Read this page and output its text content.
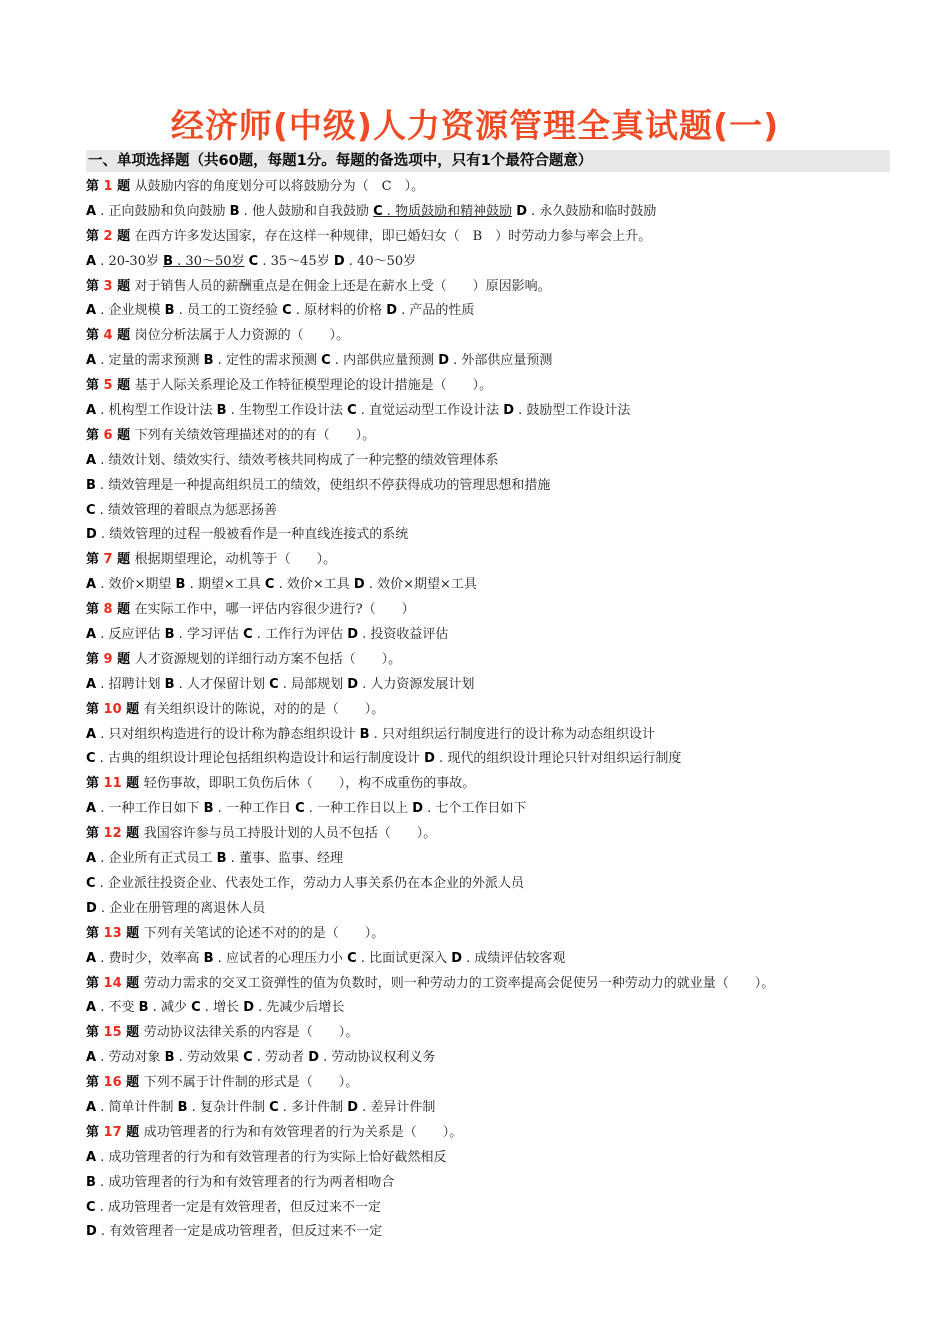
经济师(中级)人力资源管理全真试题(一)
一、单项选择题（共60题，每题1分。每题的备选项中，只有1个最符合题意）
第 1 题 从鼓励内容的角度划分可以将鼓励分为（　C　）。
A . 正向鼓励和负向鼓励 B . 他人鼓励和自我鼓励 C . 物质鼓励和精神鼓励 D . 永久鼓励和临时鼓励
第 2 题 在西方许多发达国家，存在这样一种规律，即已婚妇女（　B　）时劳动力参与率会上升。
A . 20-30岁 B . 30～50岁 C . 35～45岁 D . 40～50岁
第 3 题 对于销售人员的薪酬重点是在佣金上还是在薪水上受（　　）原因影响。
A . 企业规模 B . 员工的工资经验 C . 原材料的价格 D . 产品的性质
第 4 题 岗位分析法属于人力资源的（　　）。
A . 定量的需求预测 B . 定性的需求预测 C . 内部供应量预测 D . 外部供应量预测
第 5 题 基于人际关系理论及工作特征模型理论的设计措施是（　　）。
A . 机构型工作设计法 B . 生物型工作设计法 C . 直觉运动型工作设计法 D . 鼓励型工作设计法
第 6 题 下列有关绩效管理描述对的的有（　　）。
A . 绩效计划、绩效实行、绩效考核共同构成了一种完整的绩效管理体系
B . 绩效管理是一种提高组织员工的绩效，使组织不停获得成功的管理思想和措施
C . 绩效管理的着眼点为惩恶扬善
D . 绩效管理的过程一般被看作是一种直线连接式的系统
第 7 题 根据期望理论，动机等于（　　）。
A . 效价×期望 B . 期望×工具 C . 效价×工具 D . 效价×期望×工具
第 8 题 在实际工作中，哪一评估内容很少进行?（　　）
A . 反应评估 B . 学习评估 C . 工作行为评估 D . 投资收益评估
第 9 题 人才资源规划的详细行动方案不包括（　　）。
A . 招聘计划 B . 人才保留计划 C . 局部规划 D . 人力资源发展计划
第 10 题 有关组织设计的陈说，对的的是（　　）。
A . 只对组织构造进行的设计称为静态组织设计 B . 只对组织运行制度进行的设计称为动态组织设计
C . 古典的组织设计理论包括组织构造设计和运行制度设计 D . 现代的组织设计理论只针对组织运行制度
第 11 题 轻伤事故，即职工负伤后休（　　），构不成重伤的事故。
A . 一种工作日如下 B . 一种工作日 C . 一种工作日以上 D . 七个工作日如下
第 12 题 我国容许参与员工持股计划的人员不包括（　　）。
A . 企业所有正式员工 B . 董事、监事、经理
C . 企业派往投资企业、代表处工作，劳动力人事关系仍在本企业的外派人员
D . 企业在册管理的离退休人员
第 13 题 下列有关笔试的论述不对的的是（　　）。
A . 费时少，效率高 B . 应试者的心理压力小 C . 比面试更深入 D . 成绩评估较客观
第 14 题 劳动力需求的交叉工资弹性的值为负数时，则一种劳动力的工资率提高会促使另一种劳动力的就业量（　　）。
A . 不变 B . 减少 C . 增长 D . 先减少后增长
第 15 题 劳动协议法律关系的内容是（　　）。
A . 劳动对象 B . 劳动效果 C . 劳动者 D . 劳动协议权利义务
第 16 题 下列不属于计件制的形式是（　　）。
A . 简单计件制 B . 复杂计件制 C . 多计件制 D . 差异计件制
第 17 题 成功管理者的行为和有效管理者的行为关系是（　　）。
A . 成功管理者的行为和有效管理者的行为实际上恰好截然相反
B . 成功管理者的行为和有效管理者的行为两者相吻合
C . 成功管理者一定是有效管理者，但反过来不一定
D . 有效管理者一定是成功管理者，但反过来不一定
